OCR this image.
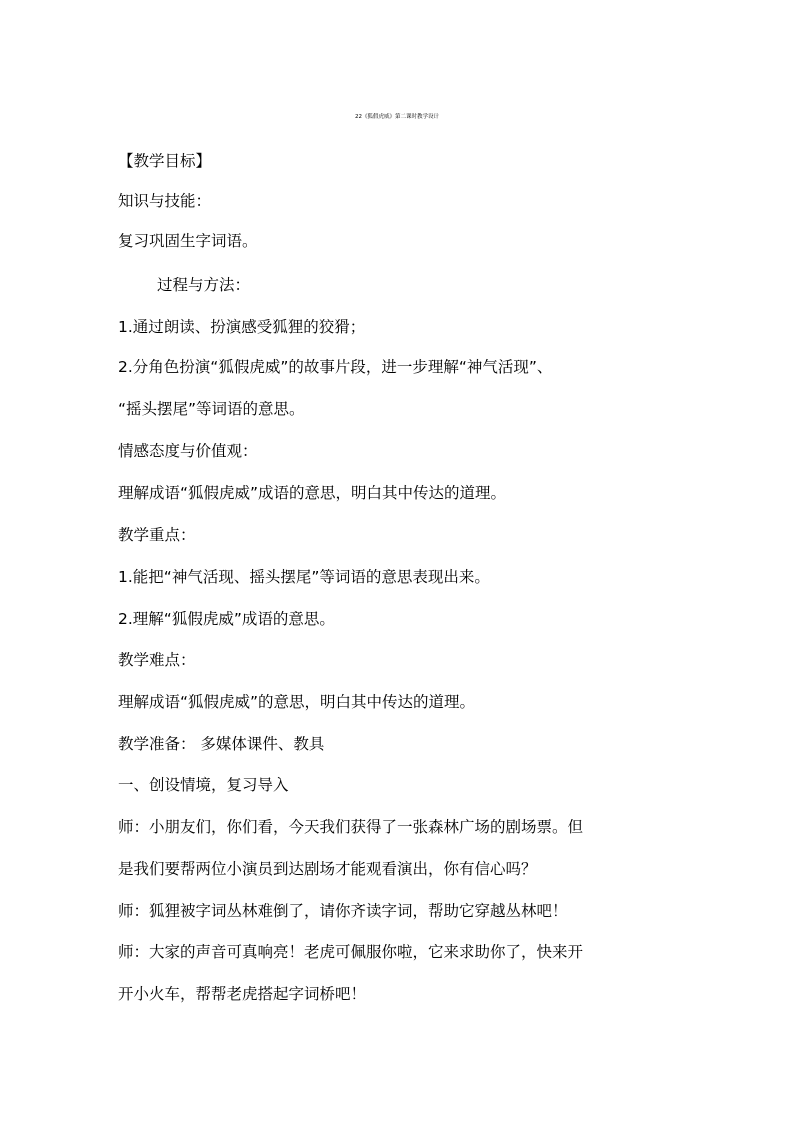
22《狐假虎威》第二课时教学设计
【教学目标】
知识与技能：
复习巩固生字词语。
过程与方法：
1.通过朗读、扮演感受狐狸的狡猾；
2.分角色扮演“狐假虎威”的故事片段，进一步理解“神气活现”、
“摇头摆尾”等词语的意思。
情感态度与价值观：
理解成语“狐假虎威”成语的意思，明白其中传达的道理。
教学重点：
1.能把“神气活现、摇头摆尾”等词语的意思表现出来。
2.理解“狐假虎威”成语的意思。
教学难点：
理解成语“狐假虎威”的意思，明白其中传达的道理。
教学准备： 多媒体课件、教具
一、创设情境，复习导入
师：小朋友们，你们看，今天我们获得了一张森林广场的剧场票。但
是我们要帮两位小演员到达剧场才能观看演出，你有信心吗？
师：狐狸被字词丛林难倒了，请你齐读字词，帮助它穿越丛林吧！
师：大家的声音可真响亮！老虎可佩服你啦，它来求助你了，快来开
开小火车，帮帮老虎搭起字词桥吧！
